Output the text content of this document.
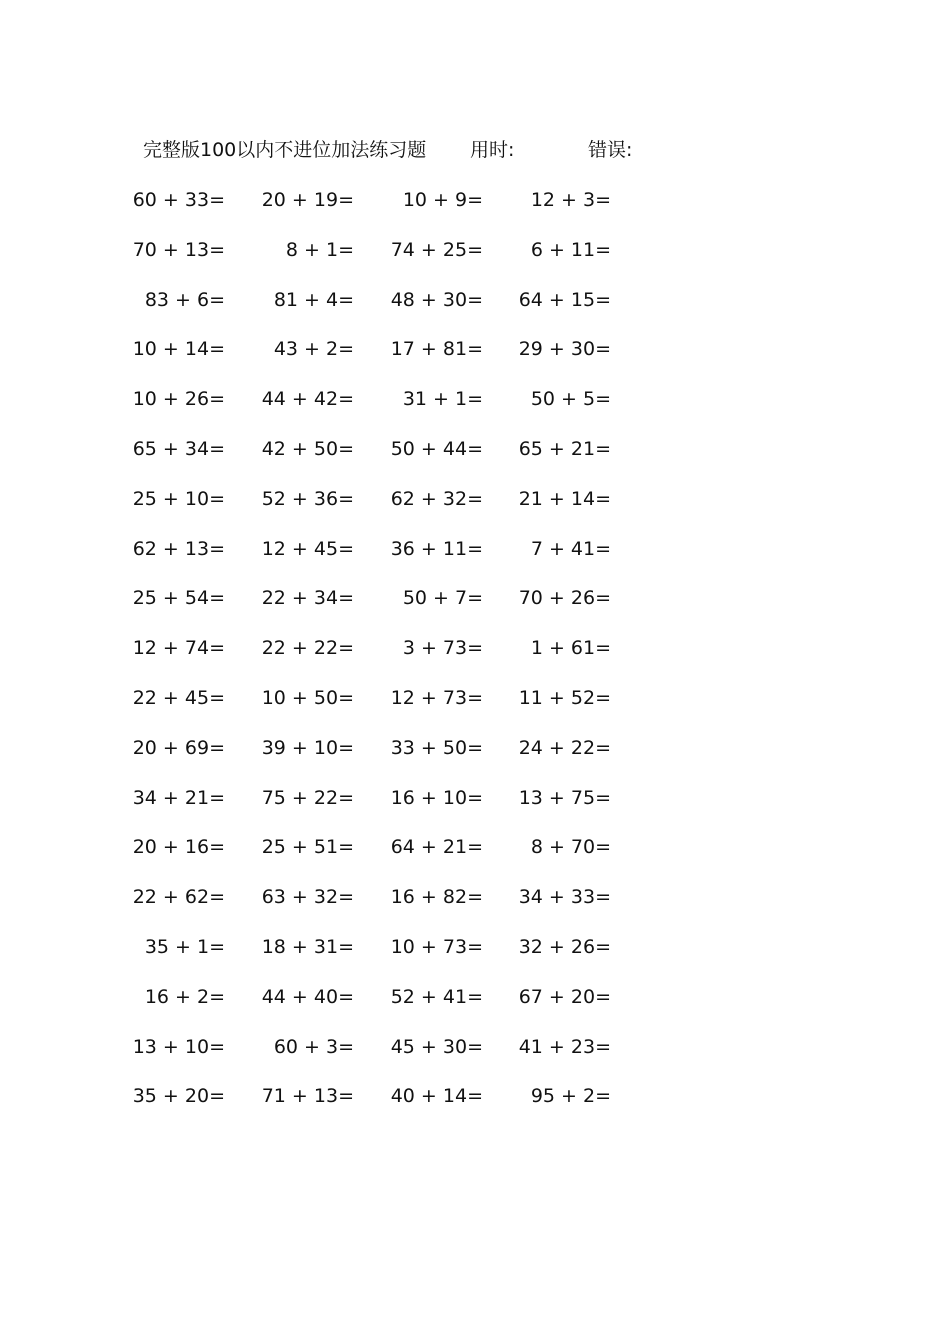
完整版100以内不进位加法练习题 用时:	错误:
60 + 33= 20 + 19=	10 + 9=	12 + 3=
70 + 13=	8 + 1= 74 + 25=	6 + 11=
83 + 6=	81 + 4= 48 + 30= 64 + 15=
10 + 14=	43 + 2= 17 + 81= 29 + 30=
10 + 26= 44 + 42=	31 + 1=	50 + 5=
65 + 34= 42 + 50= 50 + 44= 65 + 21=
25 + 10= 52 + 36= 62 + 32= 21 + 14=
62 + 13= 12 + 45= 36 + 11=	7 + 41=
25 + 54= 22 + 34=	50 + 7= 70 + 26=
12 + 74= 22 + 22=	3 + 73=	1 + 61=
22 + 45= 10 + 50= 12 + 73= 11 + 52=
20 + 69= 39 + 10= 33 + 50= 24 + 22=
34 + 21= 75 + 22= 16 + 10= 13 + 75=
20 + 16= 25 + 51= 64 + 21=	8 + 70=
22 + 62= 63 + 32= 16 + 82= 34 + 33=
35 + 1= 18 + 31= 10 + 73= 32 + 26=
16 + 2= 44 + 40= 52 + 41= 67 + 20=
13 + 10=	60 + 3= 45 + 30= 41 + 23=
35 + 20= 71 + 13= 40 + 14=	95 + 2=
